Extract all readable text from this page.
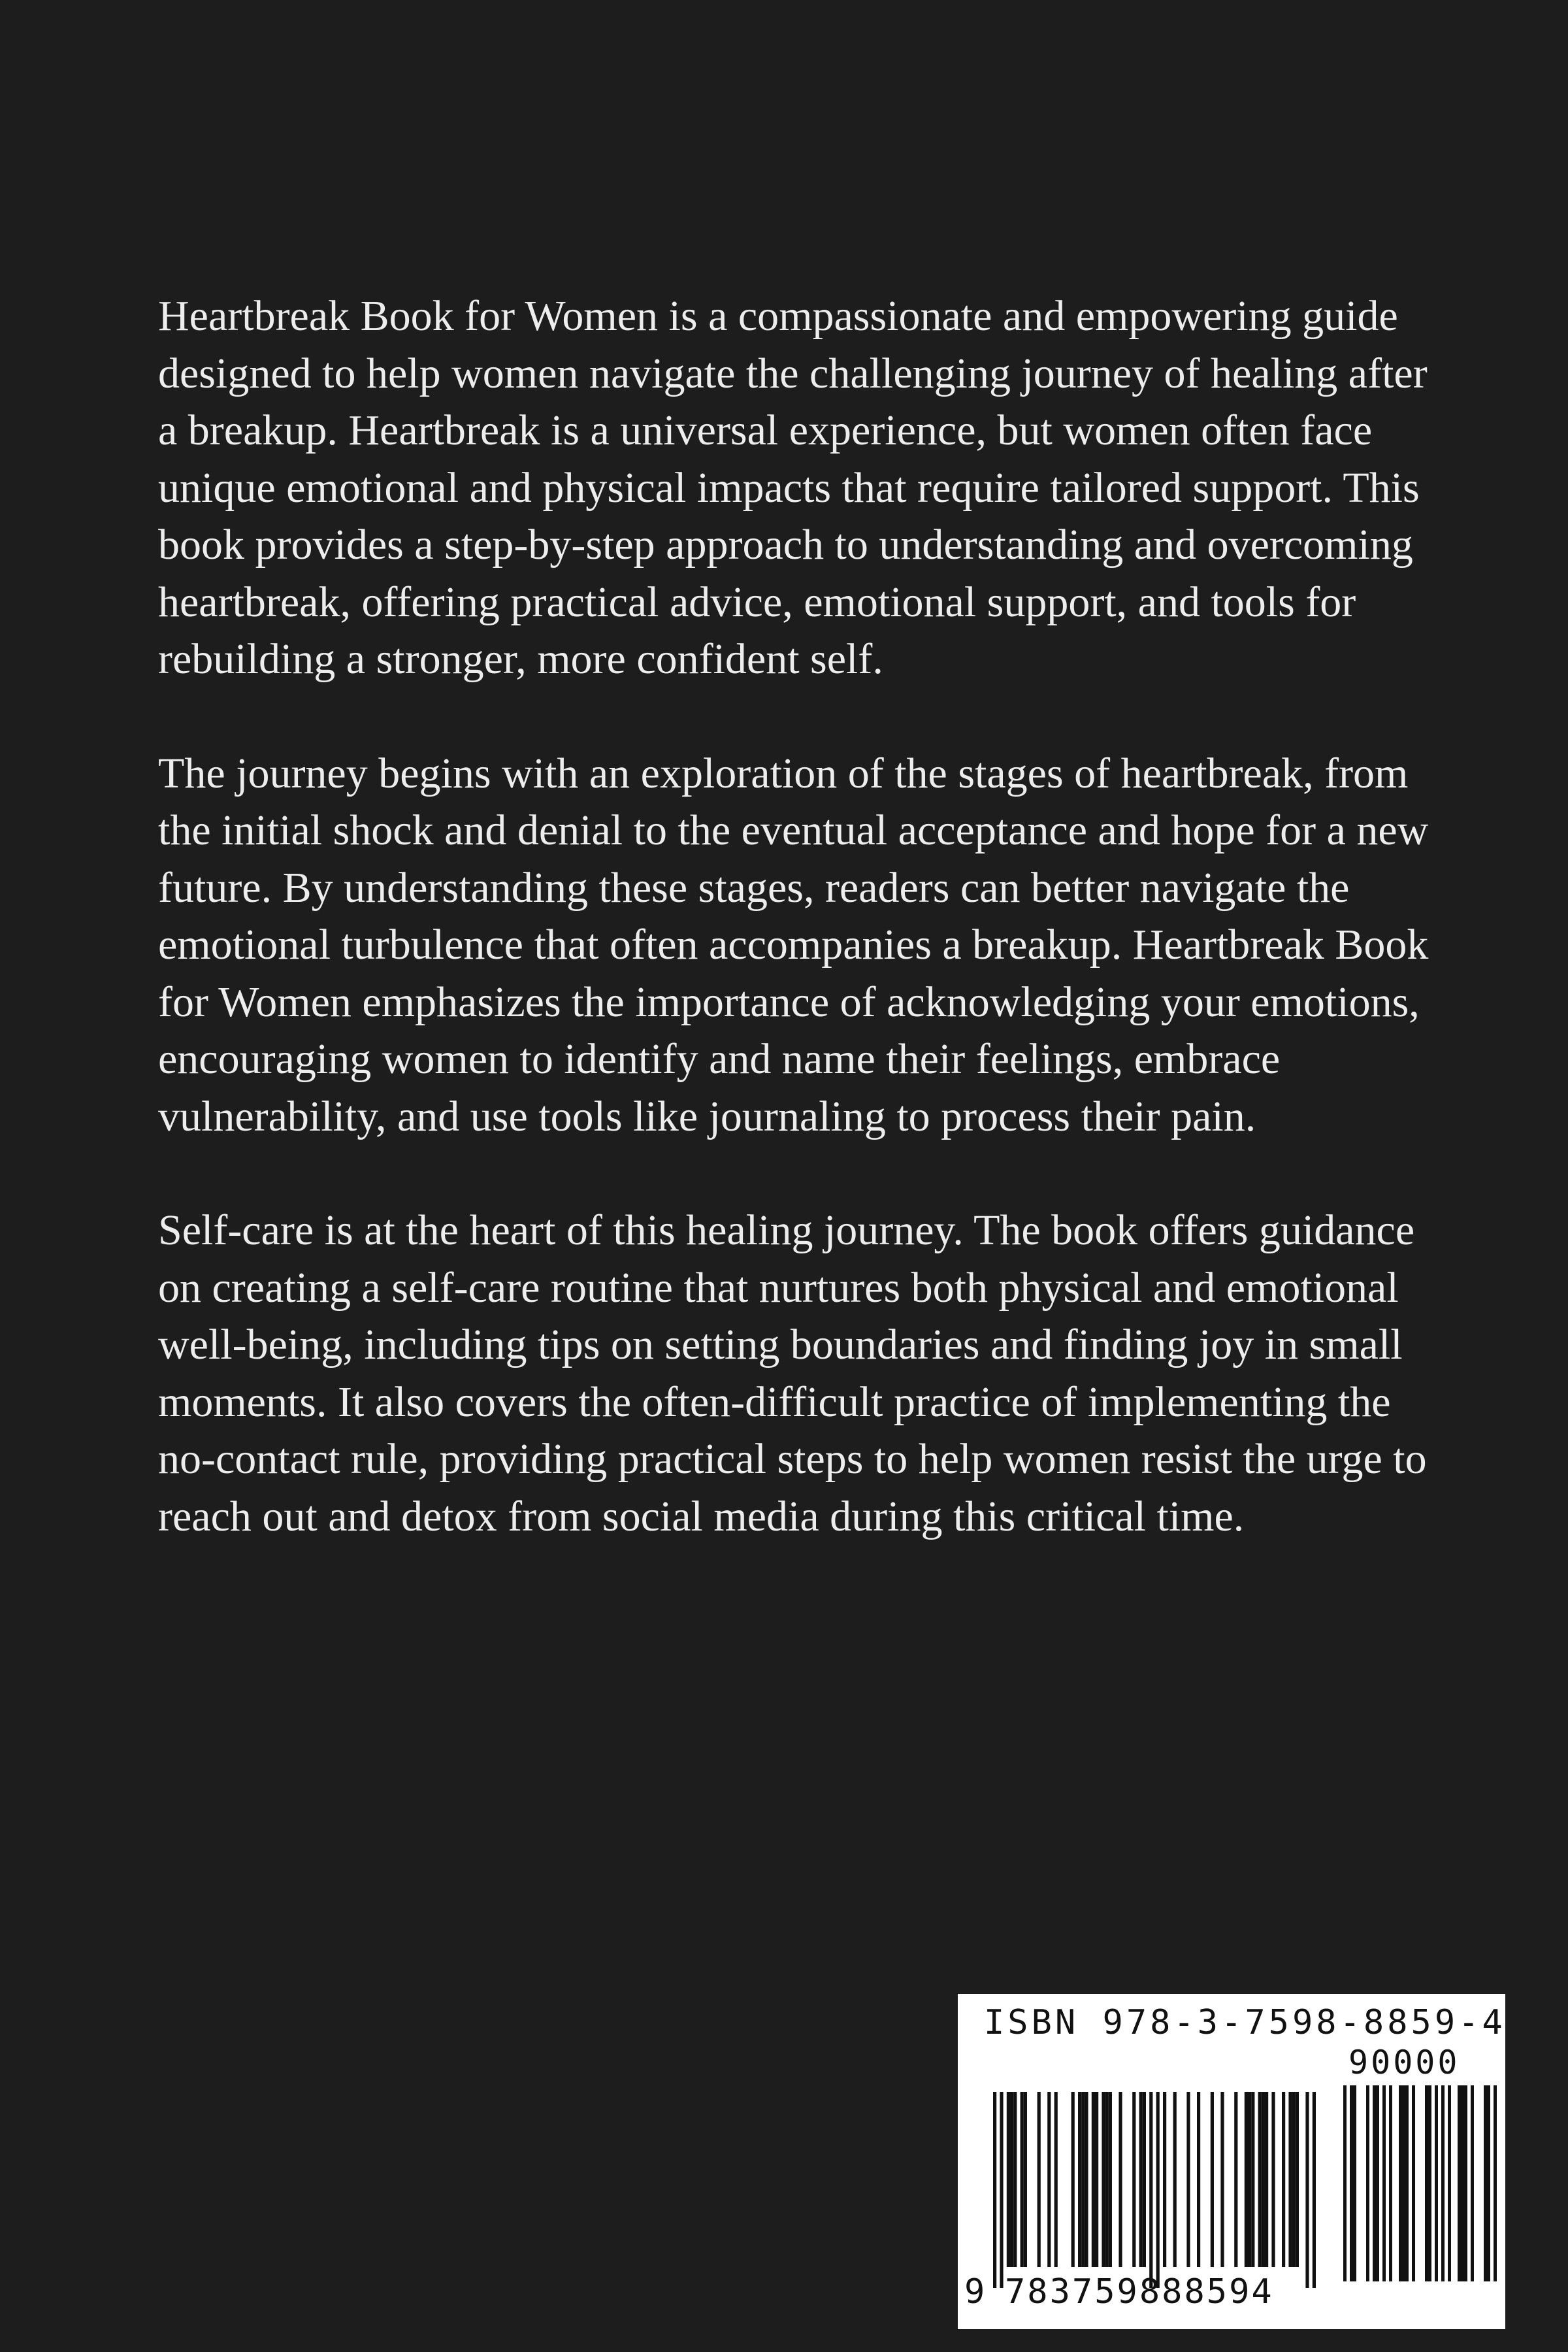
Heartbreak Book for Women is a compassionate and empowering guide designed to help women navigate the challenging journey of healing after a breakup. Heartbreak is a universal experience, but women often face unique emotional and physical impacts that require tailored support. This book provides a step-by-step approach to understanding and overcoming heartbreak, offering practical advice, emotional support, and tools for rebuilding a stronger, more confident self.

The journey begins with an exploration of the stages of heartbreak, from the initial shock and denial to the eventual acceptance and hope for a new future. By understanding these stages, readers can better navigate the emotional turbulence that often accompanies a breakup. Heartbreak Book for Women emphasizes the importance of acknowledging your emotions, encouraging women to identify and name their feelings, embrace vulnerability, and use tools like journaling to process their pain.

Self-care is at the heart of this healing journey. The book offers guidance on creating a self-care routine that nurtures both physical and emotional well-being, including tips on setting boundaries and finding joy in small moments. It also covers the often-difficult practice of implementing the no-contact rule, providing practical steps to help women resist the urge to reach out and detox from social media during this critical time.

ISBN 978-3-7598-8859-4
90000
9 783759888594
